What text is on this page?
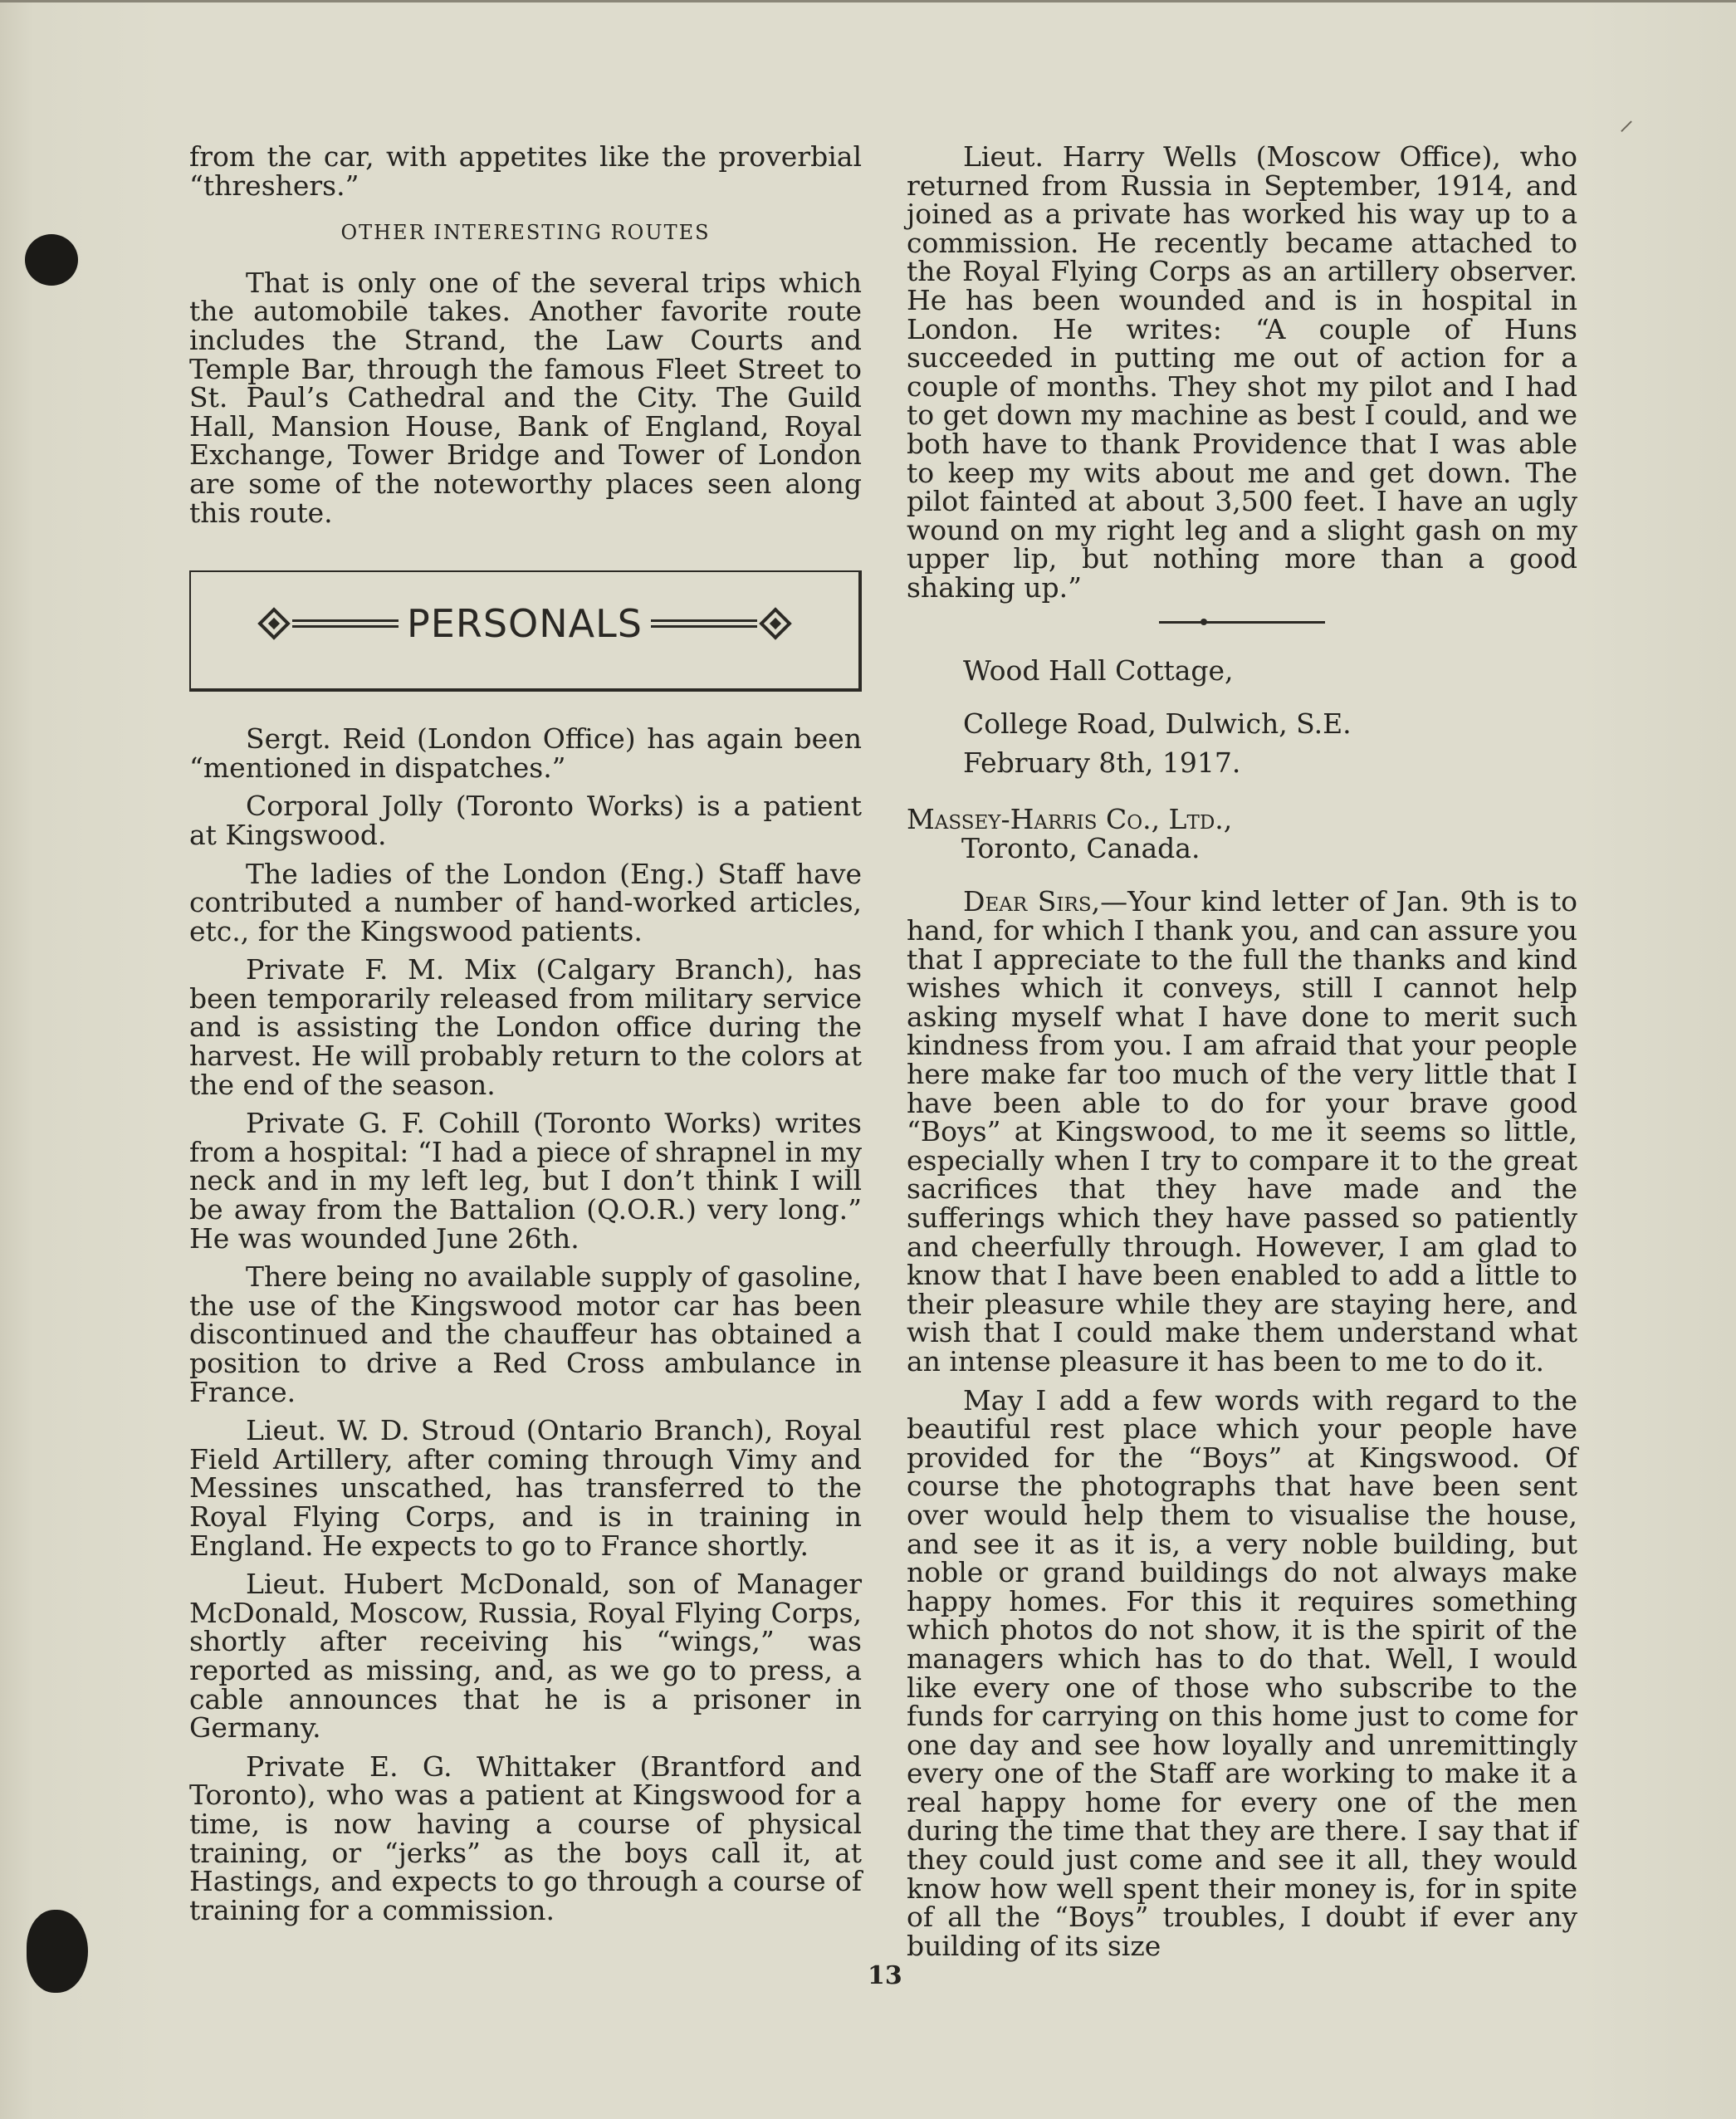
⸝

from the car, with appetites like the proverbial “threshers.”

OTHER INTERESTING ROUTES

That is only one of the several trips which the automobile takes. Another favorite route includes the Strand, the Law Courts and Temple Bar, through the famous Fleet Street to St. Paul’s Cathedral and the City. The Guild Hall, Mansion House, Bank of England, Royal Exchange, Tower Bridge and Tower of London are some of the noteworthy places seen along this route.

PERSONALS

Sergt. Reid (London Office) has again been “mentioned in dispatches.”

Corporal Jolly (Toronto Works) is a patient at Kingswood.

The ladies of the London (Eng.) Staff have contributed a number of hand-worked articles, etc., for the Kingswood patients.

Private F. M. Mix (Calgary Branch), has been temporarily released from military service and is assisting the London office during the harvest. He will probably return to the colors at the end of the season.

Private G. F. Cohill (Toronto Works) writes from a hospital: “I had a piece of shrapnel in my neck and in my left leg, but I don’t think I will be away from the Battalion (Q.O.R.) very long.” He was wounded June 26th.

There being no available supply of gasoline, the use of the Kingswood motor car has been discontinued and the chauffeur has obtained a position to drive a Red Cross ambulance in France.

Lieut. W. D. Stroud (Ontario Branch), Royal Field Artillery, after coming through Vimy and Messines unscathed, has transferred to the Royal Flying Corps, and is in training in England. He expects to go to France shortly.

Lieut. Hubert McDonald, son of Manager McDonald, Moscow, Russia, Royal Flying Corps, shortly after receiving his “wings,” was reported as missing, and, as we go to press, a cable announces that he is a prisoner in Germany.

Private E. G. Whittaker (Brantford and Toronto), who was a patient at Kingswood for a time, is now having a course of physical training, or “jerks” as the boys call it, at Hastings, and expects to go through a course of training for a commission.

Lieut. Harry Wells (Moscow Office), who returned from Russia in September, 1914, and joined as a private has worked his way up to a commission. He recently became attached to the Royal Flying Corps as an artillery observer. He has been wounded and is in hospital in London. He writes: “A couple of Huns succeeded in putting me out of action for a couple of months. They shot my pilot and I had to get down my machine as best I could, and we both have to thank Providence that I was able to keep my wits about me and get down. The pilot fainted at about 3,500 feet. I have an ugly wound on my right leg and a slight gash on my upper lip, but nothing more than a good shaking up.”

Wood Hall Cottage,

College Road, Dulwich, S.E.

February 8th, 1917.

Massey-Harris Co., Ltd.,
Toronto, Canada.

Dear Sirs,—Your kind letter of Jan. 9th is to hand, for which I thank you, and can assure you that I appreciate to the full the thanks and kind wishes which it conveys, still I cannot help asking myself what I have done to merit such kindness from you. I am afraid that your people here make far too much of the very little that I have been able to do for your brave good “Boys” at Kingswood, to me it seems so little, especially when I try to compare it to the great sacrifices that they have made and the sufferings which they have passed so patiently and cheerfully through. However, I am glad to know that I have been enabled to add a little to their pleasure while they are staying here, and wish that I could make them understand what an intense pleasure it has been to me to do it.

May I add a few words with regard to the beautiful rest place which your people have provided for the “Boys” at Kingswood. Of course the photographs that have been sent over would help them to visualise the house, and see it as it is, a very noble building, but noble or grand buildings do not always make happy homes. For this it requires something which photos do not show, it is the spirit of the managers which has to do that. Well, I would like every one of those who subscribe to the funds for carrying on this home just to come for one day and see how loyally and unremittingly every one of the Staff are working to make it a real happy home for every one of the men during the time that they are there. I say that if they could just come and see it all, they would know how well spent their money is, for in spite of all the “Boys” troubles, I doubt if ever any building of its size

13
